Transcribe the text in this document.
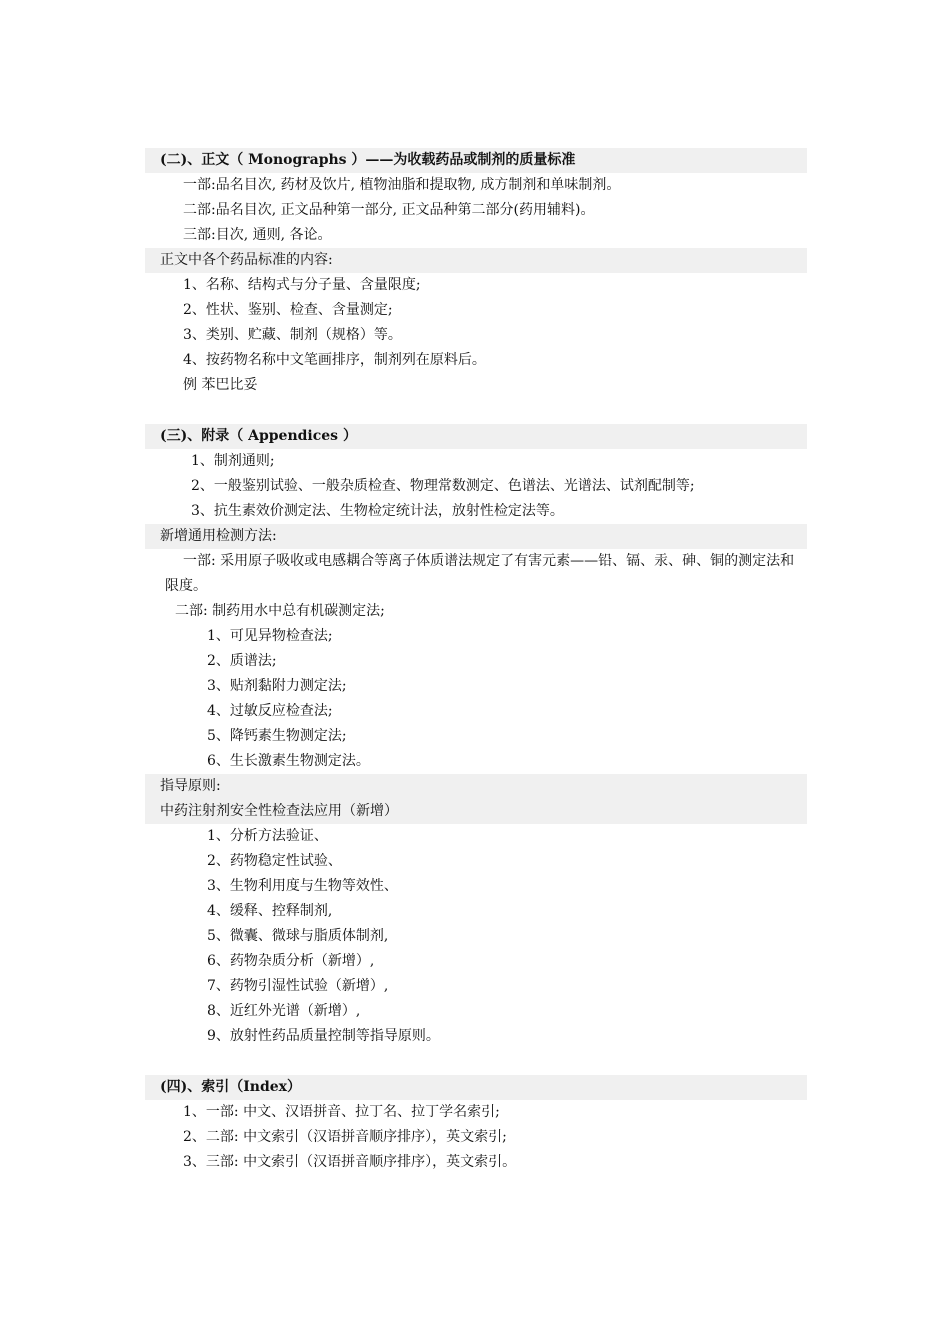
(二)、正文（ Monographs ）——为收载药品或制剂的质量标准
一部:品名目次, 药材及饮片, 植物油脂和提取物, 成方制剂和单味制剂。
二部:品名目次, 正文品种第一部分, 正文品种第二部分(药用辅料)。
三部:目次, 通则, 各论。
正文中各个药品标准的内容:
1、名称、结构式与分子量、含量限度;
2、性状、鉴别、检查、含量测定;
3、类别、贮藏、制剂（规格）等。
4、按药物名称中文笔画排序，制剂列在原料后。
例 苯巴比妥
(三)、附录（ Appendices ）
1、制剂通则;
2、一般鉴别试验、一般杂质检查、物理常数测定、色谱法、光谱法、试剂配制等;
3、抗生素效价测定法、生物检定统计法，放射性检定法等。
新增通用检测方法:
一部: 采用原子吸收或电感耦合等离子体质谱法规定了有害元素——铅、镉、汞、砷、铜的测定法和限度。
二部: 制药用水中总有机碳测定法;
1、可见异物检查法;
2、质谱法;
3、贴剂黏附力测定法;
4、过敏反应检查法;
5、降钙素生物测定法;
6、生长激素生物测定法。
指导原则:
中药注射剂安全性检查法应用（新增）
1、分析方法验证、
2、药物稳定性试验、
3、生物利用度与生物等效性、
4、缓释、控释制剂,
5、微囊、微球与脂质体制剂,
6、药物杂质分析（新增）,
7、药物引湿性试验（新增）,
8、近红外光谱（新增）,
9、放射性药品质量控制等指导原则。
(四)、索引（Index）
1、一部: 中文、汉语拼音、拉丁名、拉丁学名索引;
2、二部: 中文索引（汉语拼音顺序排序），英文索引;
3、三部: 中文索引（汉语拼音顺序排序），英文索引。
